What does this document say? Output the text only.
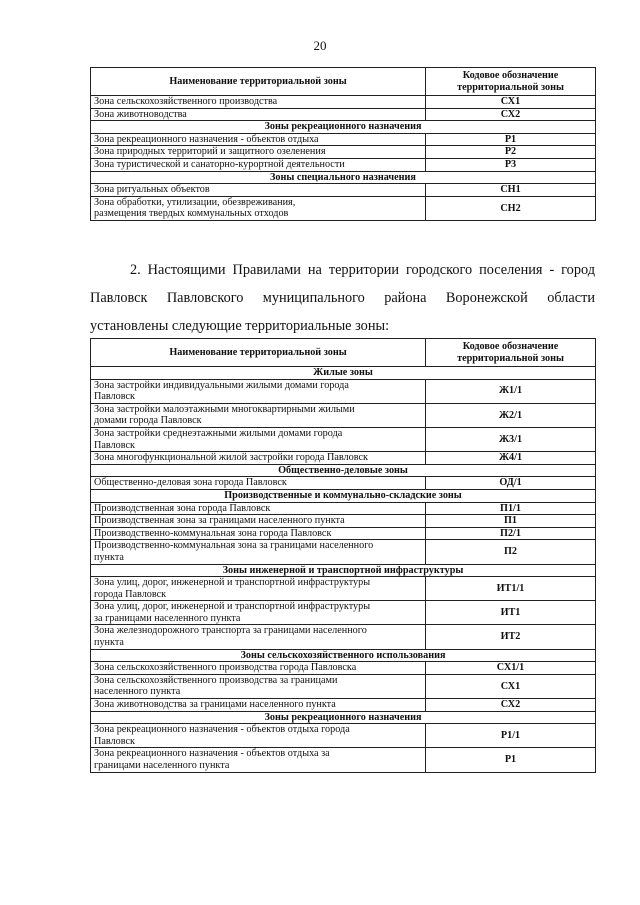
20
Наименование территориальной зоны	Кодовое обозначение
территориальной зоны
Зона сельскохозяйственного производства	СХ1
Зона животноводства	СХ2
Зоны рекреационного назначения	
Зона рекреационного назначения - объектов отдыха	Р1
Зона природных территорий и защитного озеленения	Р2
Зона туристической и санаторно-курортной деятельности	Р3
Зоны специального назначения	
Зона ритуальных объектов	СН1
Зона обработки, утилизации, обезвреживания,
размещения твердых коммунальных отходов	СН2
2. Настоящими Правилами на территории городского поселения - город
Павловск Павловского муниципального района Воронежской области
установлены следующие территориальные зоны:
Наименование территориальной зоны	Кодовое обозначение
территориальной зоны
Жилые зоны	
Зона застройки индивидуальными жилыми домами города
Павловск	Ж1/1
Зона застройки малоэтажными многоквартирными жилыми
домами города Павловск	Ж2/1
Зона застройки среднеэтажными жилыми домами города
Павловск	Ж3/1
Зона многофункциональной жилой застройки города Павловск	Ж4/1
Общественно-деловые зоны	
Общественно-деловая зона города Павловск	ОД/1
Производственные и коммунально-складские зоны	
Производственная зона города Павловск	П1/1
Производственная зона за границами населенного пункта	П1
Производственно-коммунальная зона города Павловск	П2/1
Производственно-коммунальная зона за границами населенного
пункта	П2
Зоны инженерной и транспортной инфраструктуры	
Зона улиц, дорог, инженерной и транспортной инфраструктуры
города Павловск	ИТ1/1
Зона улиц, дорог, инженерной и транспортной инфраструктуры
за границами населенного пункта	ИТ1
Зона железнодорожного транспорта за границами населенного
пункта	ИТ2
Зоны сельскохозяйственного использования	
Зона сельскохозяйственного производства города Павловска	СХ1/1
Зона сельскохозяйственного производства за границами
населенного пункта	СХ1
Зона животноводства за границами населенного пункта	СХ2
Зоны рекреационного назначения	
Зона рекреационного назначения - объектов отдыха города
Павловск	Р1/1
Зона рекреационного назначения - объектов отдыха за
границами населенного пункта	Р1
